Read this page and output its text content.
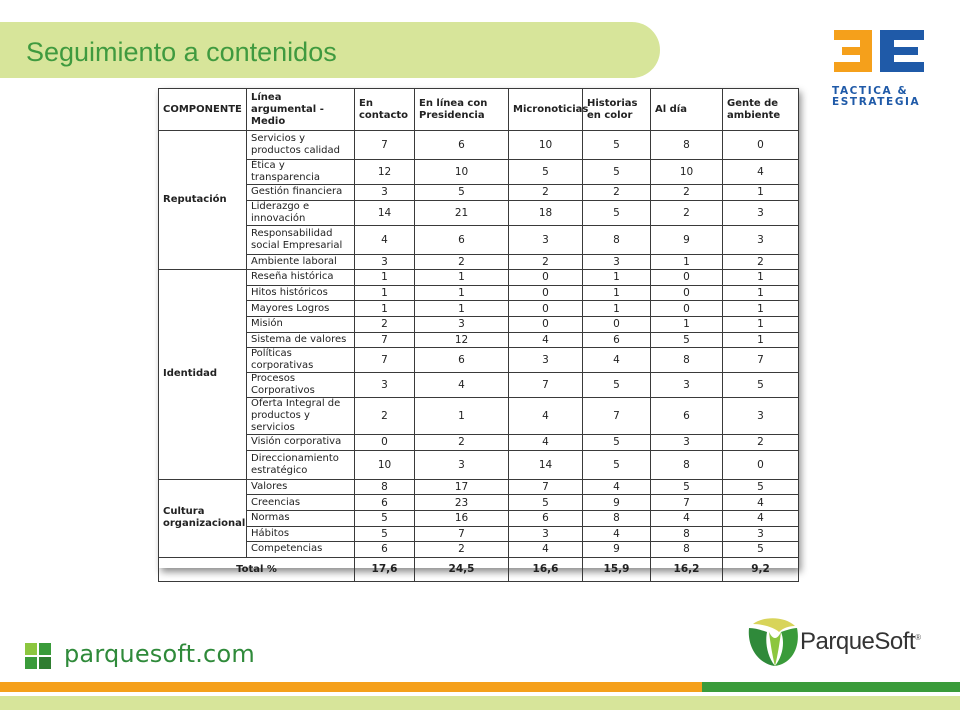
Seguimiento a contenidos
TACTICA &
ESTRATEGIA
COMPONENTE	Línea argumental - Medio	En contacto	En línea con Presidencia	Micronoticias	Historias en color	Al día	Gente de ambiente
Reputación	Servicios y productos calidad	7	6	10	5	8	0
	Ética y transparencia	12	10	5	5	10	4
	Gestión financiera	3	5	2	2	2	1
	Liderazgo e innovación	14	21	18	5	2	3
	Responsabilidad social Empresarial	4	6	3	8	9	3
	Ambiente laboral	3	2	2	3	1	2
Identidad	Reseña histórica	1	1	0	1	0	1
	Hitos históricos	1	1	0	1	0	1
	Mayores Logros	1	1	0	1	0	1
	Misión	2	3	0	0	1	1
	Sistema de valores	7	12	4	6	5	1
	Políticas corporativas	7	6	3	4	8	7
	Procesos Corporativos	3	4	7	5	3	5
	Oferta Integral de productos y servicios	2	1	4	7	6	3
	Visión corporativa	0	2	4	5	3	2
	Direccionamiento estratégico	10	3	14	5	8	0
Cultura organizacional	Valores	8	17	7	4	5	5
	Creencias	6	23	5	9	7	4
	Normas	5	16	6	8	4	4
	Hábitos	5	7	3	4	8	3
	Competencias	6	2	4	9	8	5
Total %		17,6	24,5	16,6	15,9	16,2	9,2
parquesoft.com	ParqueSoft®
